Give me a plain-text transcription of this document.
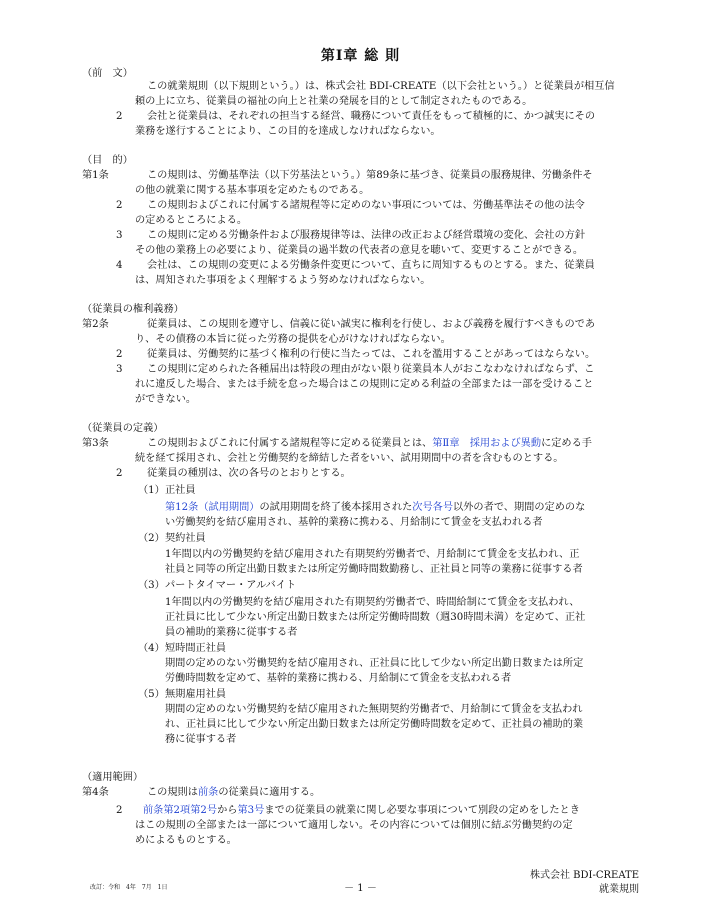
第Ⅰ章 総 則
（前　文）
この就業規則（以下規則という。）は、株式会社 BDI-CREATE（以下会社という。）と従業員が相互信
頼の上に立ち、従業員の福祉の向上と社業の発展を目的として制定されたものである。
2 会社と従業員は、それぞれの担当する経営、職務について責任をもって積極的に、かつ誠実にその
業務を遂行することにより、この目的を達成しなければならない。
（目　的）
第1条	この規則は、労働基準法（以下労基法という。）第89条に基づき、従業員の服務規律、労働条件そ
の他の就業に関する基本事項を定めたものである。
2 この規則およびこれに付属する諸規程等に定めのない事項については、労働基準法その他の法令
の定めるところによる。
3 この規則に定める労働条件および服務規律等は、法律の改正および経営環境の変化、会社の方針
その他の業務上の必要により、従業員の過半数の代表者の意見を聴いて、変更することができる。
4 会社は、この規則の変更による労働条件変更について、直ちに周知するものとする。また、従業員
は、周知された事項をよく理解するよう努めなければならない。
（従業員の権利義務）
第2条	従業員は、この規則を遵守し、信義に従い誠実に権利を行使し、および義務を履行すべきものであ
り、その債務の本旨に従った労務の提供を心がけなければならない。
2 従業員は、労働契約に基づく権利の行使に当たっては、これを濫用することがあってはならない。
3 この規則に定められた各種届出は特段の理由がない限り従業員本人がおこなわなければならず、こ
れに違反した場合、または手続を怠った場合はこの規則に定める利益の全部または一部を受けること
ができない。
（従業員の定義）
第3条	この規則およびこれに付属する諸規程等に定める従業員とは、第Ⅱ章　採用および異動に定める手
続を経て採用され、会社と労働契約を締結した者をいい、試用期間中の者を含むものとする。
2 従業員の種別は、次の各号のとおりとする。
（1） 正社員
第12条（試用期間）の試用期間を終了後本採用された次号各号以外の者で、期間の定めのな
い労働契約を結び雇用され、基幹的業務に携わる、月給制にて賃金を支払われる者
（2） 契約社員
1年間以内の労働契約を結び雇用された有期契約労働者で、月給制にて賃金を支払われ、正
社員と同等の所定出勤日数または所定労働時間数勤務し、正社員と同等の業務に従事する者
（3） パートタイマー・アルバイト
1年間以内の労働契約を結び雇用された有期契約労働者で、時間給制にて賃金を支払われ、
正社員に比して少ない所定出勤日数または所定労働時間数（週30時間未満）を定めて、正社
員の補助的業務に従事する者
（4） 短時間正社員
期間の定めのない労働契約を結び雇用され、正社員に比して少ない所定出勤日数または所定
労働時間数を定めて、基幹的業務に携わる、月給制にて賃金を支払われる者
（5） 無期雇用社員
期間の定めのない労働契約を結び雇用された無期契約労働者で、月給制にて賃金を支払われ
れ、正社員に比して少ない所定出勤日数または所定労働時間数を定めて、正社員の補助的業
務に従事する者
（適用範囲）
第4条	この規則は前条の従業員に適用する。
2 前条第2項第2号から第3号までの従業員の就業に関し必要な事項について別段の定めをしたとき
はこの規則の全部または一部について適用しない。その内容については個別に結ぶ労働契約の定
めによるものとする。
改訂：令和　4年　7月　1日	－ 1 －
株式会社 BDI-CREATE
就業規則
